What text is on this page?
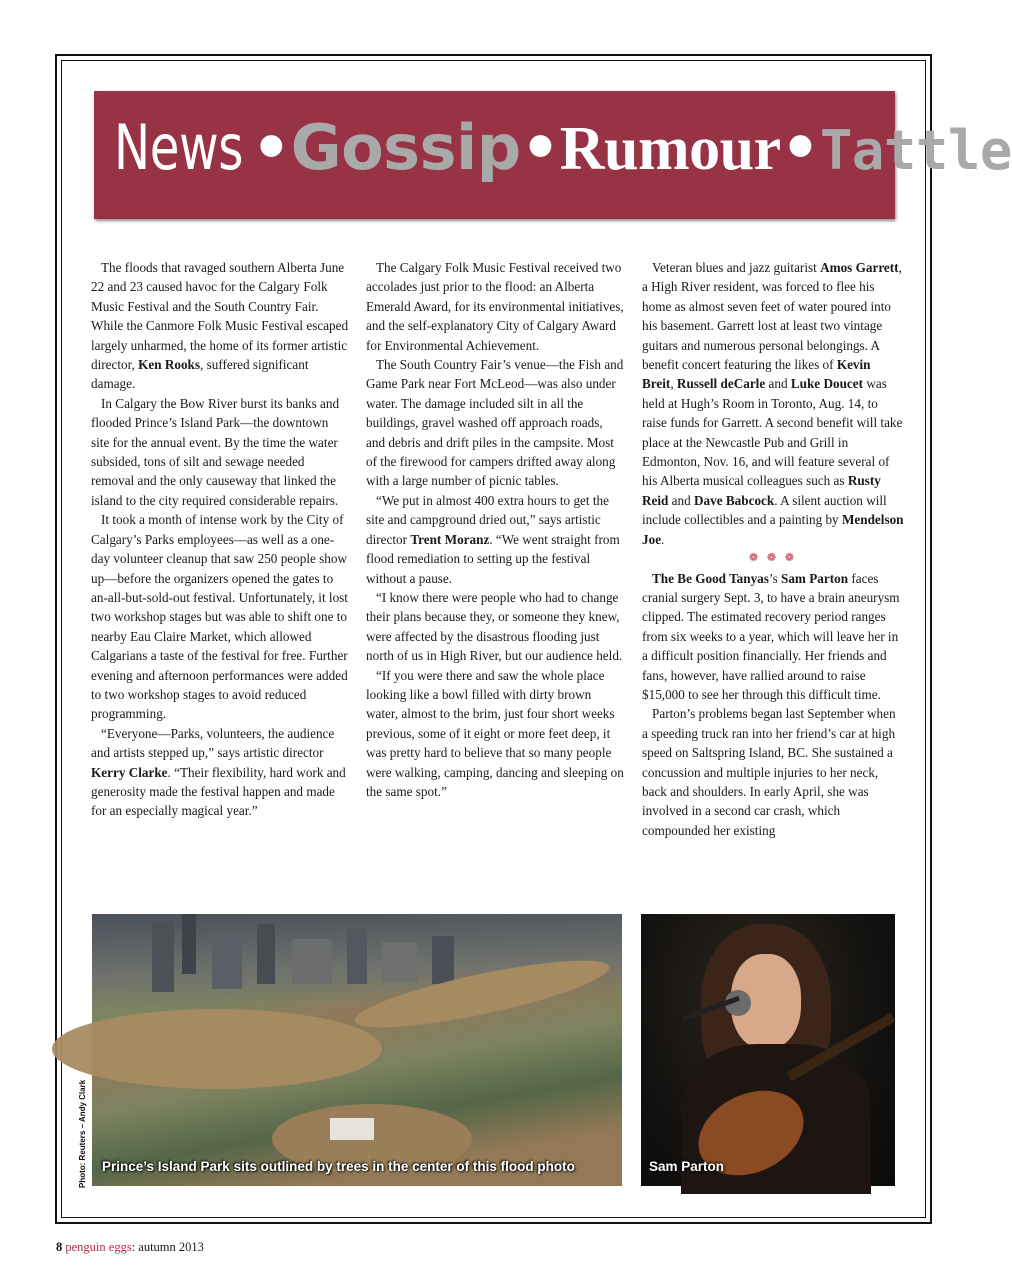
News •Gossip•Rumour•Tattle

The floods that ravaged southern Alberta June 22 and 23 caused havoc for the Calgary Folk Music Festival and the South Country Fair. While the Canmore Folk Music Festival escaped largely unharmed, the home of its former artistic director, Ken Rooks, suffered significant damage.

In Calgary the Bow River burst its banks and flooded Prince’s Island Park—the downtown site for the annual event. By the time the water subsided, tons of silt and sewage needed removal and the only causeway that linked the island to the city required considerable repairs.

It took a month of intense work by the City of Calgary’s Parks employees—as well as a one-day volunteer cleanup that saw 250 people show up—before the organizers opened the gates to an-all-but-sold-out festival. Unfortunately, it lost two workshop stages but was able to shift one to nearby Eau Claire Market, which allowed Calgarians a taste of the festival for free. Further evening and afternoon performances were added to two workshop stages to avoid reduced programming.

“Everyone—Parks, volunteers, the audience and artists stepped up,” says artistic director Kerry Clarke. “Their flexibility, hard work and generosity made the festival happen and made for an especially magical year.”

The Calgary Folk Music Festival received two accolades just prior to the flood: an Alberta Emerald Award, for its environmental initiatives, and the self-explanatory City of Calgary Award for Environmental Achievement.

The South Country Fair’s venue—the Fish and Game Park near Fort McLeod—was also under water. The damage included silt in all the buildings, gravel washed off approach roads, and debris and drift piles in the campsite. Most of the firewood for campers drifted away along with a large number of picnic tables.

“We put in almost 400 extra hours to get the site and campground dried out,” says artistic director Trent Moranz. “We went straight from flood remediation to setting up the festival without a pause.

“I know there were people who had to change their plans because they, or someone they knew, were affected by the disastrous flooding just north of us in High River, but our audience held.

“If you were there and saw the whole place looking like a bowl filled with dirty brown water, almost to the brim, just four short weeks previous, some of it eight or more feet deep, it was pretty hard to believe that so many people were walking, camping, dancing and sleeping on the same spot.”

Veteran blues and jazz guitarist Amos Garrett, a High River resident, was forced to flee his home as almost seven feet of water poured into his basement. Garrett lost at least two vintage guitars and numerous personal belongings. A benefit concert featuring the likes of Kevin Breit, Russell deCarle and Luke Doucet was held at Hugh’s Room in Toronto, Aug. 14, to raise funds for Garrett. A second benefit will take place at the Newcastle Pub and Grill in Edmonton, Nov. 16, and will feature several of his Alberta musical colleagues such as Rusty Reid and Dave Babcock. A silent auction will include collectibles and a painting by Mendelson Joe.

❁ ❁ ❁

The Be Good Tanyas’s Sam Parton faces cranial surgery Sept. 3, to have a brain aneurysm clipped. The estimated recovery period ranges from six weeks to a year, which will leave her in a difficult position financially. Her friends and fans, however, have rallied around to raise $15,000 to see her through this difficult time.

Parton’s problems began last September when a speeding truck ran into her friend’s car at high speed on Saltspring Island, BC. She sustained a concussion and multiple injuries to her neck, back and shoulders. In early April, she was involved in a second car crash, which compounded her existing

Prince’s Island Park sits outlined by trees in the center of this flood photo
Photo: Reuters – Andy Clark	Sam Parton
8 penguin eggs: autumn 2013
